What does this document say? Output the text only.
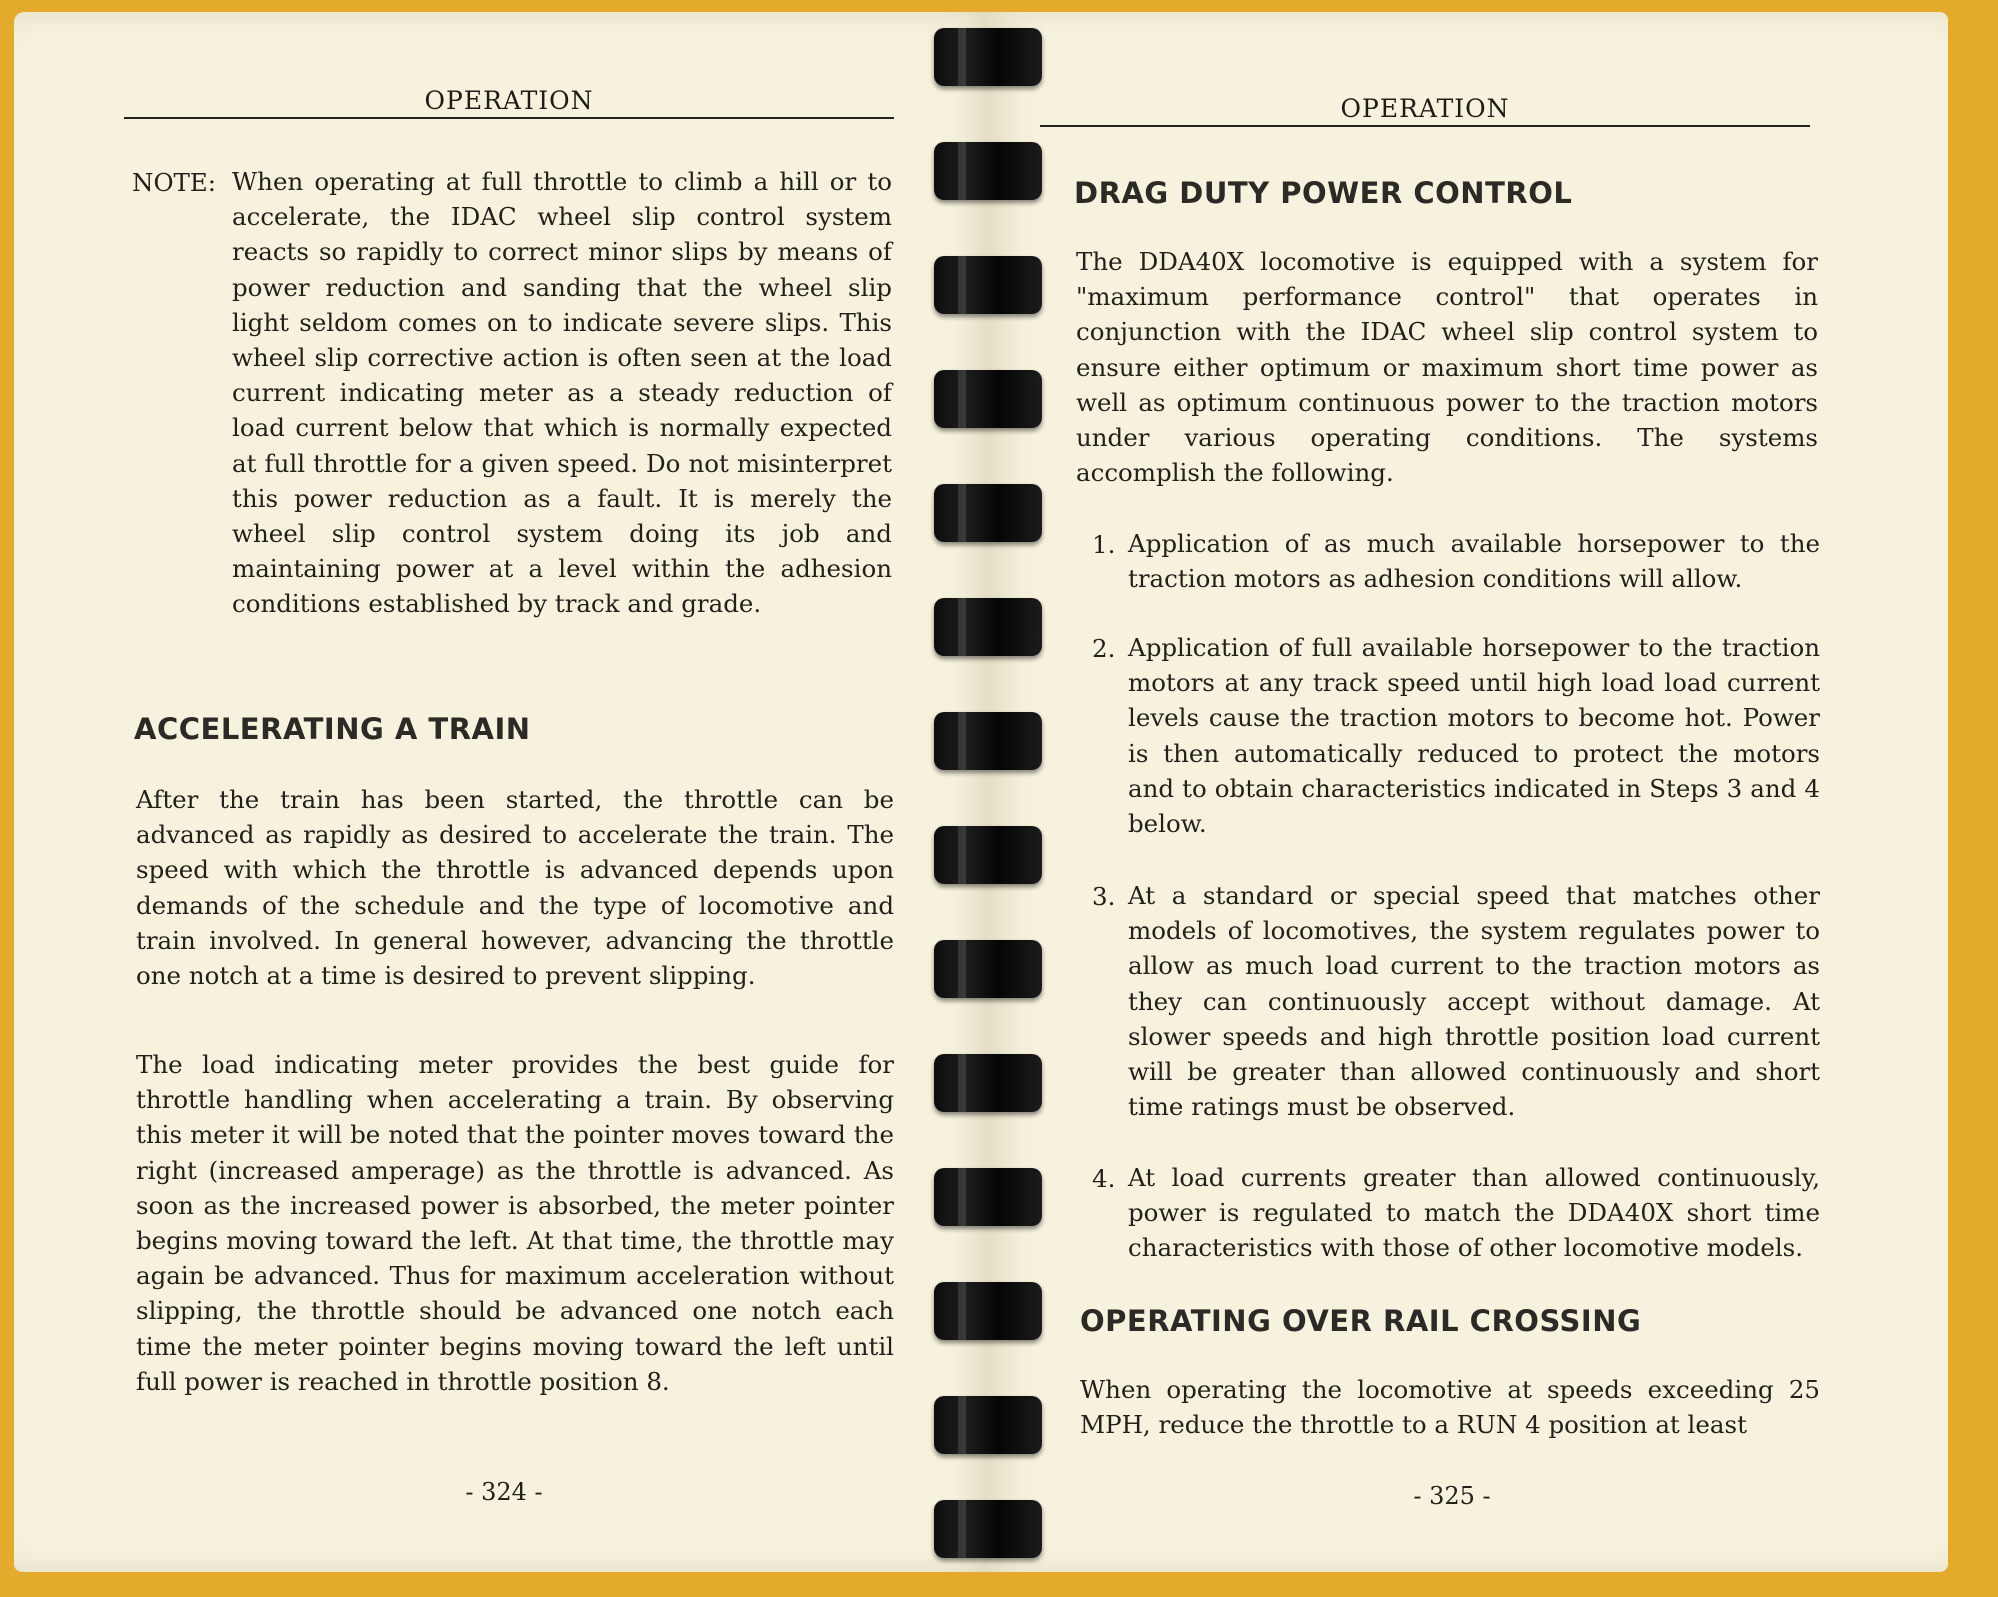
OPERATION
NOTE: When operating at full throttle to climb a hill or to accelerate, the IDAC wheel slip control system reacts so rapidly to correct minor slips by means of power reduction and sanding that the wheel slip light seldom comes on to indicate severe slips. This wheel slip corrective action is often seen at the load current indicating meter as a steady reduction of load current below that which is normally expected at full throttle for a given speed. Do not misinterpret this power reduction as a fault. It is merely the wheel slip control system doing its job and maintaining power at a level within the adhesion conditions established by track and grade.

ACCELERATING A TRAIN

After the train has been started, the throttle can be advanced as rapidly as desired to accelerate the train. The speed with which the throttle is advanced depends upon demands of the schedule and the type of locomotive and train involved. In general however, advancing the throttle one notch at a time is desired to prevent slipping.

The load indicating meter provides the best guide for throttle handling when accelerating a train. By observing this meter it will be noted that the pointer moves toward the right (increased amperage) as the throttle is advanced. As soon as the increased power is absorbed, the meter pointer begins moving toward the left. At that time, the throttle may again be advanced. Thus for maximum acceleration without slipping, the throttle should be advanced one notch each time the meter pointer begins moving toward the left until full power is reached in throttle position 8.

- 324 -
OPERATION
DRAG DUTY POWER CONTROL

The DDA40X locomotive is equipped with a system for "maximum performance control" that operates in conjunction with the IDAC wheel slip control system to ensure either optimum or maximum short time power as well as optimum continuous power to the traction motors under various operating conditions. The systems accomplish the following.

1. Application of as much available horsepower to the traction motors as adhesion conditions will allow.

2. Application of full available horsepower to the traction motors at any track speed until high load load current levels cause the traction motors to become hot. Power is then automatically reduced to protect the motors and to obtain characteristics indicated in Steps 3 and 4 below.

3. At a standard or special speed that matches other models of locomotives, the system regulates power to allow as much load current to the traction motors as they can continuously accept without damage. At slower speeds and high throttle position load current will be greater than allowed continuously and short time ratings must be observed.

4. At load currents greater than allowed continuously, power is regulated to match the DDA40X short time characteristics with those of other locomotive models.

OPERATING OVER RAIL CROSSING

When operating the locomotive at speeds exceeding 25 MPH, reduce the throttle to a RUN 4 position at least

- 325 -
